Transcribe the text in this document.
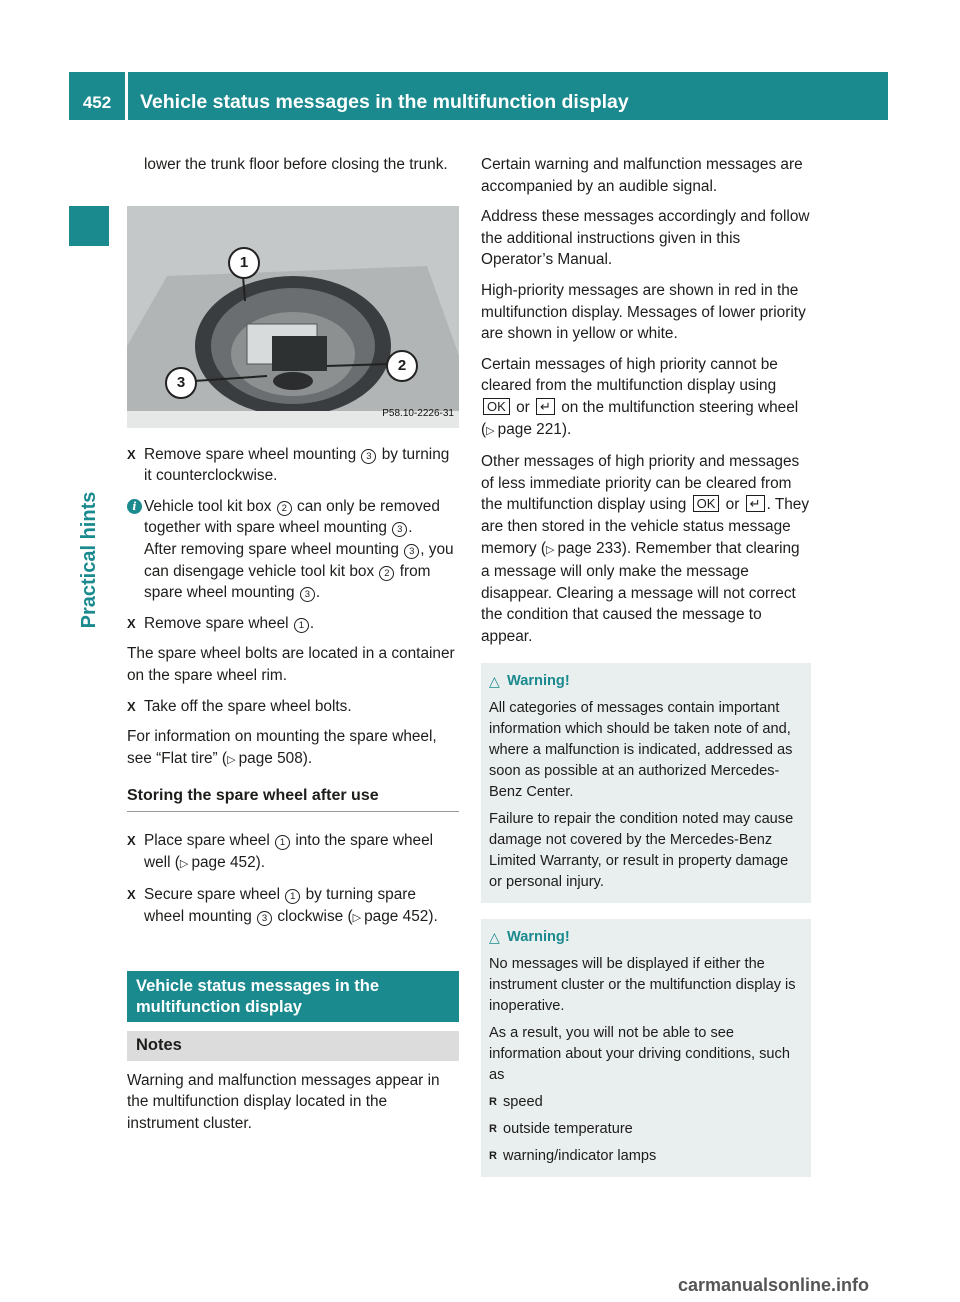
452	Vehicle status messages in the multifunction display
Practical hints

lower the trunk floor before closing the trunk.

1
2
3
P58.10-2226-31
X Remove spare wheel mounting 3 by turning it counterclockwise.
i Vehicle tool kit box 2 can only be removed together with spare wheel mounting 3 .
After removing spare wheel mounting 3 , you can disengage vehicle tool kit box 2 from spare wheel mounting 3 .
X Remove spare wheel 1 .

The spare wheel bolts are located in a container on the spare wheel rim.

X Take off the spare wheel bolts.

For information on mounting the spare wheel, see “Flat tire” (▷ page 508).

Storing the spare wheel after use
X Place spare wheel 1 into the spare wheel well (▷ page 452).
X Secure spare wheel 1 by turning spare wheel mounting 3 clockwise (▷ page 452).
Vehicle status messages in the multifunction display
Notes

Warning and malfunction messages appear in the multifunction display located in the instrument cluster.

Certain warning and malfunction messages are accompanied by an audible signal.

Address these messages accordingly and follow the additional instructions given in this Operator’s Manual.

High-priority messages are shown in red in the multifunction display. Messages of lower priority are shown in yellow or white.

Certain messages of high priority cannot be cleared from the multifunction display using OK or ↵ on the multifunction steering wheel (▷ page 221).

Other messages of high priority and messages of less immediate priority can be cleared from the multifunction display using OK or ↵ . They are then stored in the vehicle status message memory (▷ page 233). Remember that clearing a message will only make the message disappear. Clearing a message will not correct the condition that caused the message to appear.

△ Warning!

All categories of messages contain important information which should be taken note of and, where a malfunction is indicated, addressed as soon as possible at an authorized Mercedes-Benz Center.

Failure to repair the condition noted may cause damage not covered by the Mercedes-Benz Limited Warranty, or result in property damage or personal injury.

△ Warning!

No messages will be displayed if either the instrument cluster or the multifunction display is inoperative.

As a result, you will not be able to see information about your driving conditions, such as

R speed
R outside temperature
R warning/indicator lamps
carmanualsonline.info
